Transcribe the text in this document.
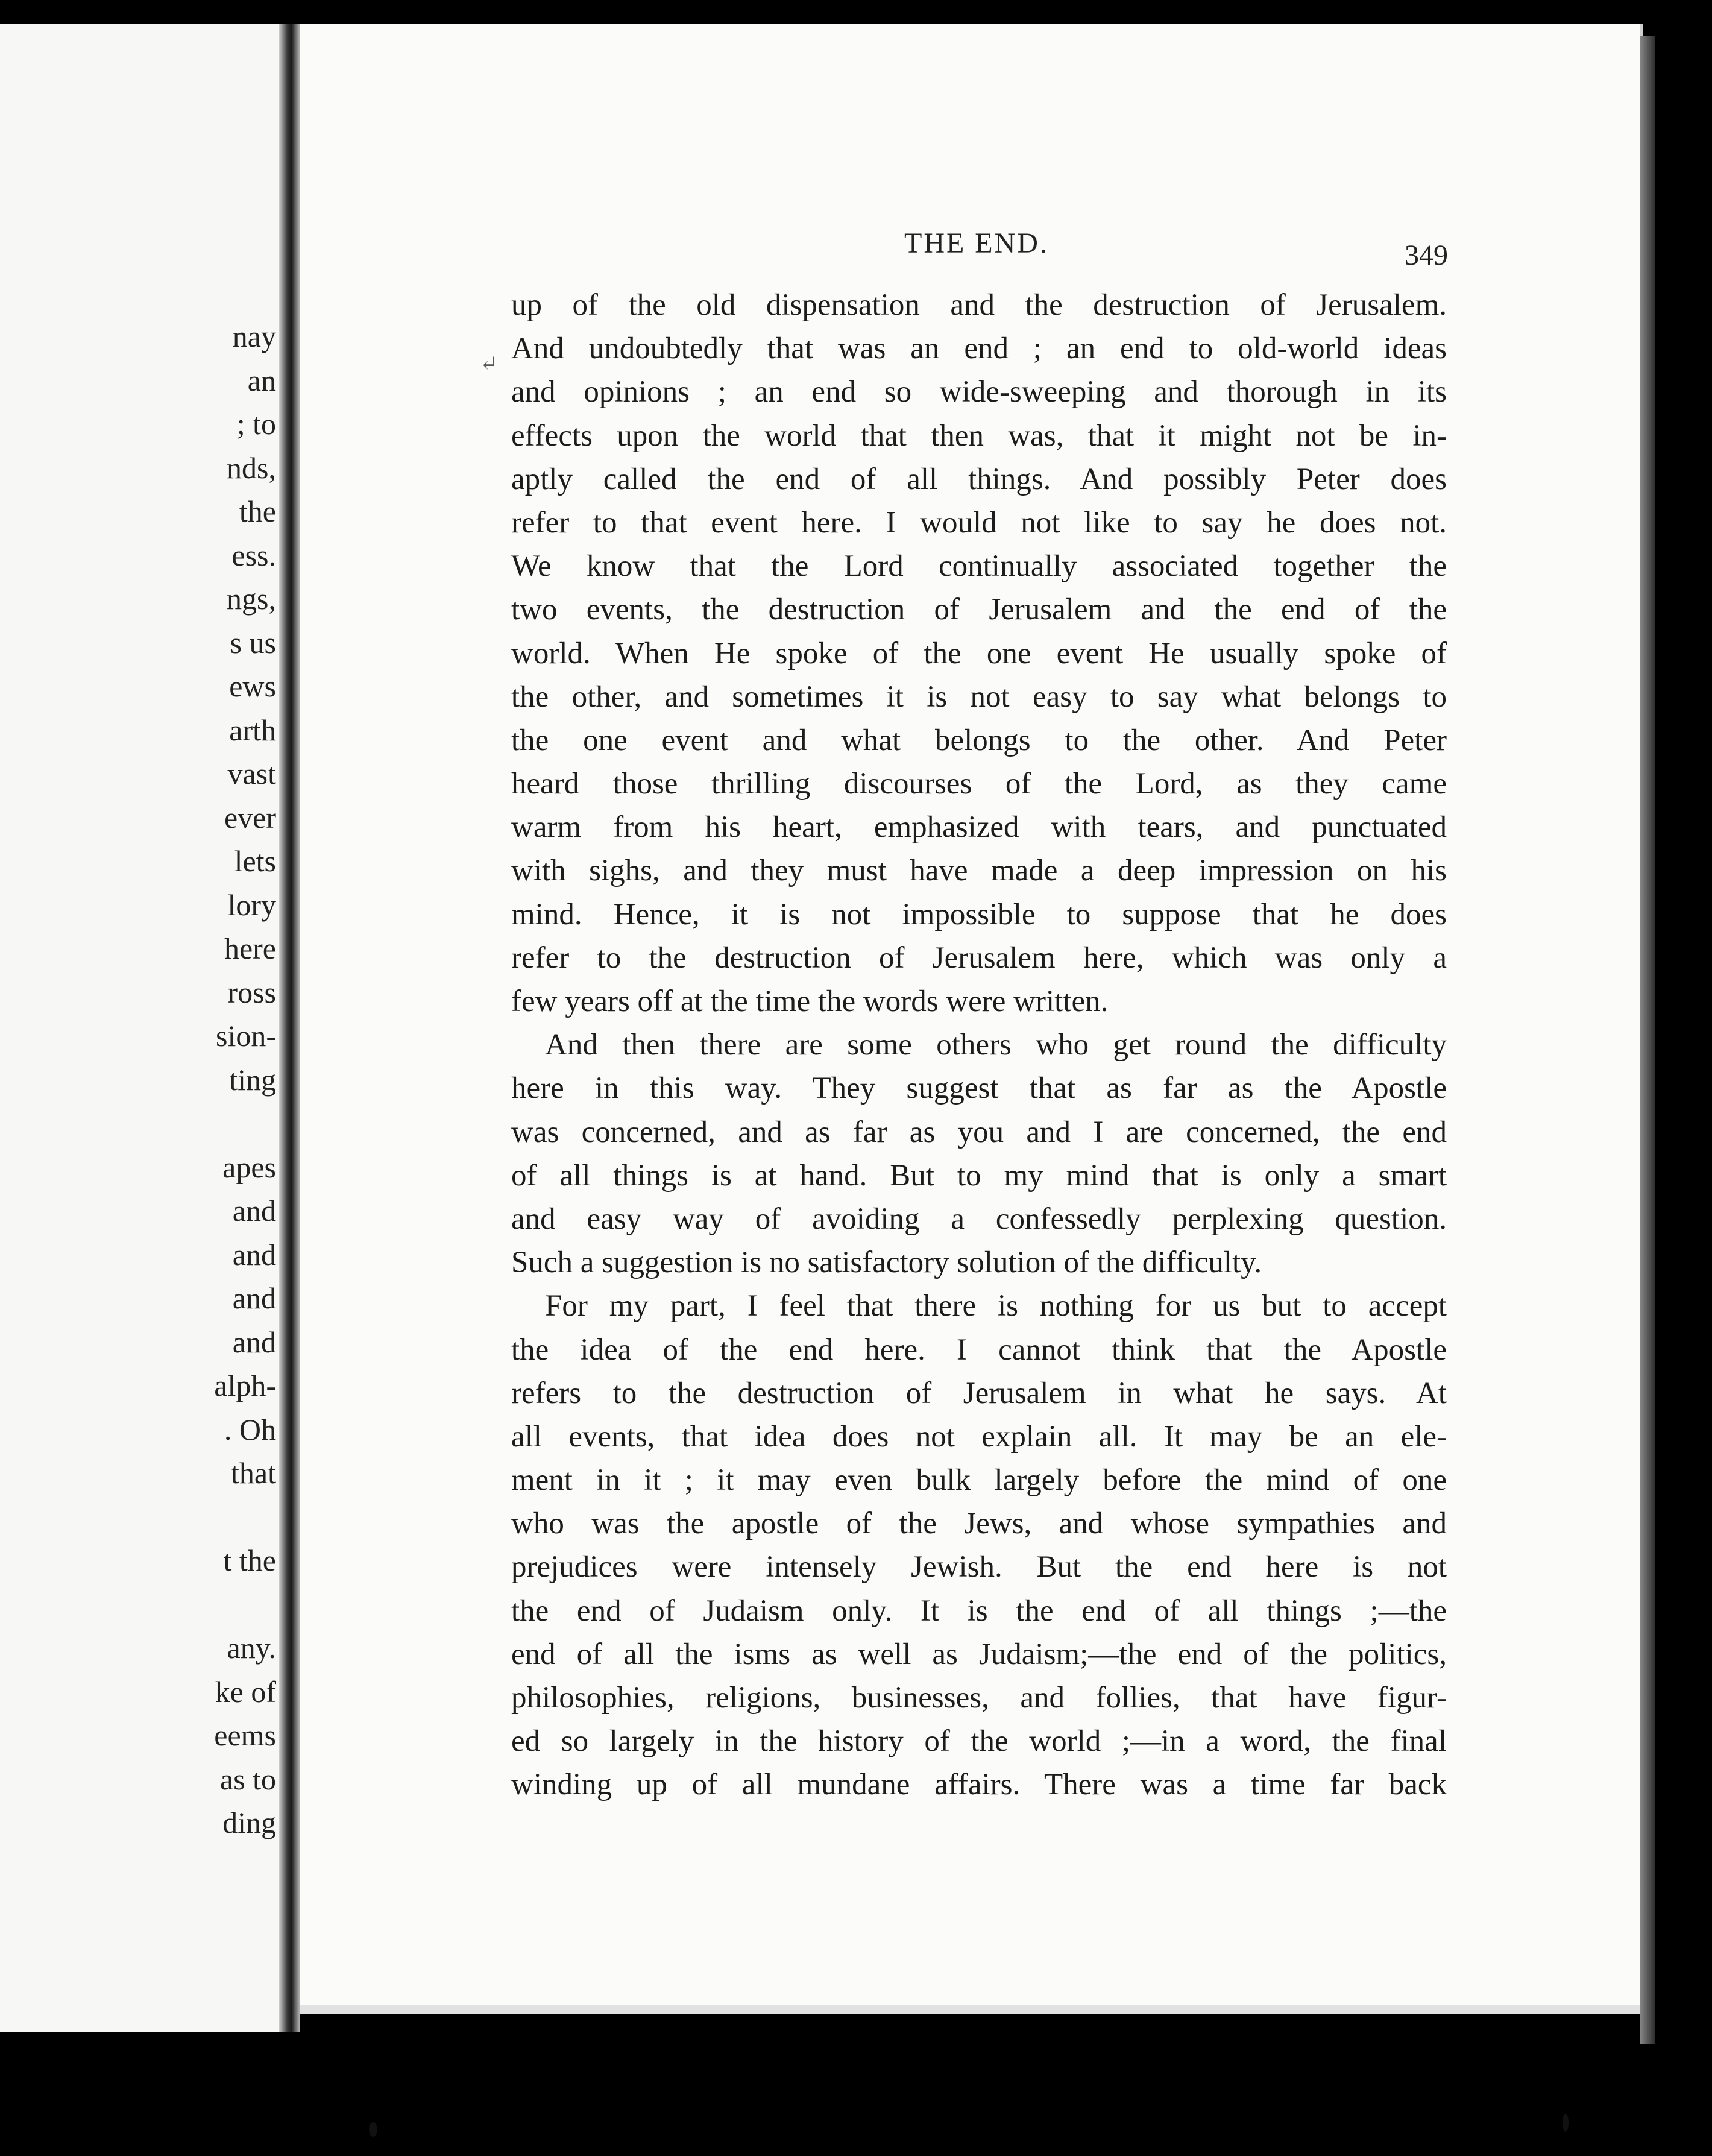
nay
an
; to
nds,
the
ess.
ngs,
s us
ews
arth
vast
ever
lets
lory
here
ross
sion-
ting
apes
and
and
and
and
alph-
. Oh
that
t the
any.
ke of
eems
as to
ding
THE END.	349
↵
up of the old dispensation and the destruction of Jerusalem.
And undoubtedly that was an end ; an end to old-world ideas
and opinions ; an end so wide-sweeping and thorough in its
effects upon the world that then was, that it might not be in-
aptly called the end of all things. And possibly Peter does
refer to that event here. I would not like to say he does not.
We know that the Lord continually associated together the
two events, the destruction of Jerusalem and the end of the
world. When He spoke of the one event He usually spoke of
the other, and sometimes it is not easy to say what belongs to
the one event and what belongs to the other. And Peter
heard those thrilling discourses of the Lord, as they came
warm from his heart, emphasized with tears, and punctuated
with sighs, and they must have made a deep impression on his
mind. Hence, it is not impossible to suppose that he does
refer to the destruction of Jerusalem here, which was only a
few years off at the time the words were written.
And then there are some others who get round the difficulty
here in this way. They suggest that as far as the Apostle
was concerned, and as far as you and I are concerned, the end
of all things is at hand. But to my mind that is only a smart
and easy way of avoiding a confessedly perplexing question.
Such a suggestion is no satisfactory solution of the difficulty.
For my part, I feel that there is nothing for us but to accept
the idea of the end here. I cannot think that the Apostle
refers to the destruction of Jerusalem in what he says. At
all events, that idea does not explain all. It may be an ele-
ment in it ; it may even bulk largely before the mind of one
who was the apostle of the Jews, and whose sympathies and
prejudices were intensely Jewish. But the end here is not
the end of Judaism only. It is the end of all things ;—the
end of all the isms as well as Judaism;—the end of the politics,
philosophies, religions, businesses, and follies, that have figur-
ed so largely in the history of the world ;—in a word, the final
winding up of all mundane affairs. There was a time far back
